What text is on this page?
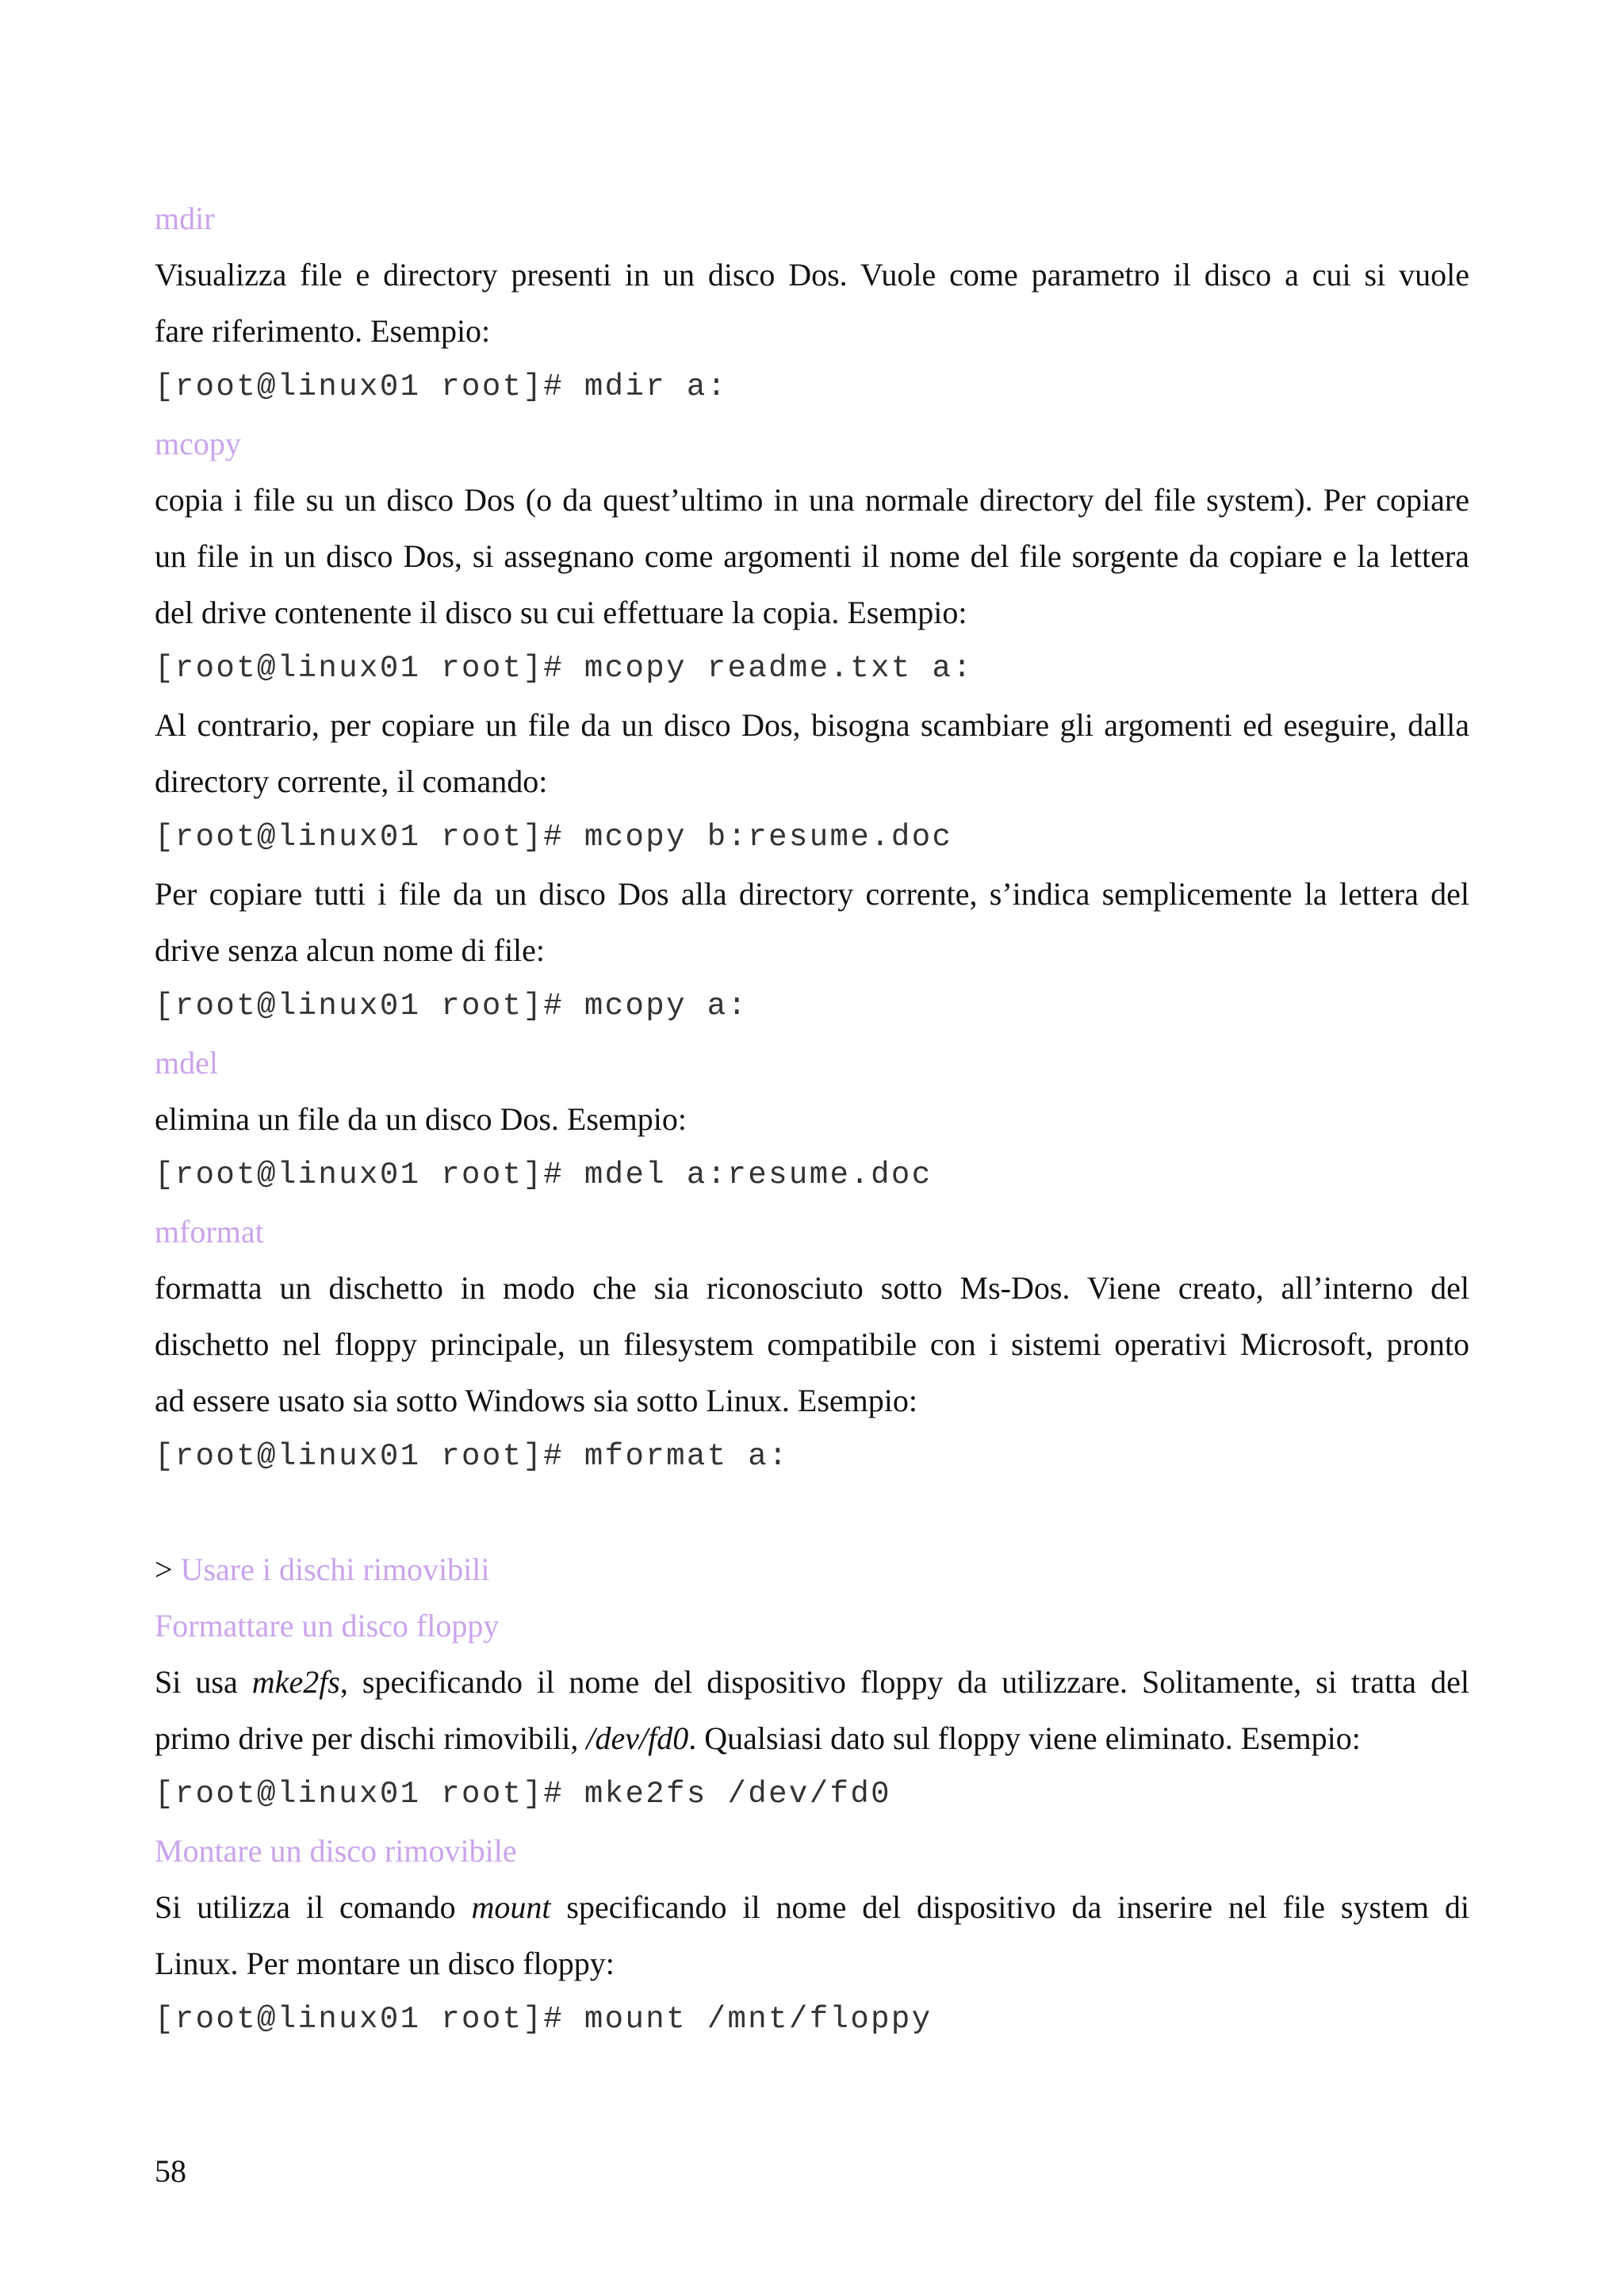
mdir
Visualizza file e directory presenti in un disco Dos. Vuole come parametro il disco a cui si vuole
fare riferimento. Esempio:
[root@linux01 root]# mdir a:
mcopy
copia i file su un disco Dos (o da quest’ultimo in una normale directory del file system). Per copiare
un file in un disco Dos, si assegnano come argomenti il nome del file sorgente da copiare e la lettera
del drive contenente il disco su cui effettuare la copia. Esempio:
[root@linux01 root]# mcopy readme.txt a:
Al contrario, per copiare un file da un disco Dos, bisogna scambiare gli argomenti ed eseguire, dalla
directory corrente, il comando:
[root@linux01 root]# mcopy b:resume.doc
Per copiare tutti i file da un disco Dos alla directory corrente, s’indica semplicemente la lettera del
drive senza alcun nome di file:
[root@linux01 root]# mcopy a:
mdel
elimina un file da un disco Dos. Esempio:
[root@linux01 root]# mdel a:resume.doc
mformat
formatta un dischetto in modo che sia riconosciuto sotto Ms-Dos. Viene creato, all’interno del
dischetto nel floppy principale, un filesystem compatibile con i sistemi operativi Microsoft, pronto
ad essere usato sia sotto Windows sia sotto Linux. Esempio:
[root@linux01 root]# mformat a:
> Usare i dischi rimovibili
Formattare un disco floppy
Si usa mke2fs, specificando il nome del dispositivo floppy da utilizzare. Solitamente, si tratta del
primo drive per dischi rimovibili, /dev/fd0. Qualsiasi dato sul floppy viene eliminato. Esempio:
[root@linux01 root]# mke2fs /dev/fd0
Montare un disco rimovibile
Si utilizza il comando mount specificando il nome del dispositivo da inserire nel file system di
Linux. Per montare un disco floppy:
[root@linux01 root]# mount /mnt/floppy
58
